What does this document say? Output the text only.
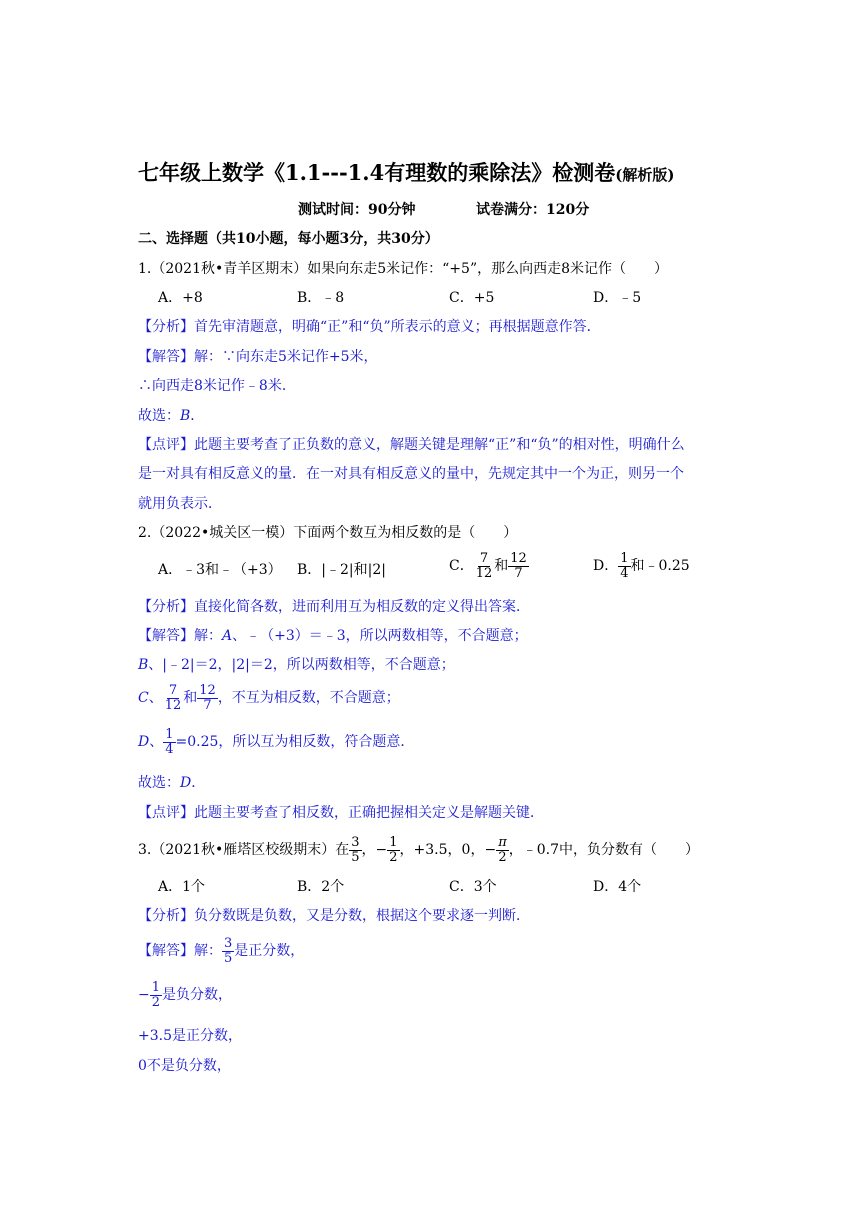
七年级上数学《1.1---1.4有理数的乘除法》检测卷(解析版)
测试时间：90分钟	试卷满分：120分
二、选择题（共10小题，每小题3分，共30分）
1.（2021秋•青羊区期末）如果向东走5米记作：“+5”，那么向西走8米记作（　　）
A．+8	B．﹣8	C．+5	D．﹣5
【分析】首先审清题意，明确“正”和“负”所表示的意义；再根据题意作答．
【解答】解：∵向东走5米记作+5米，
∴向西走8米记作﹣8米．
故选：B．
【点评】此题主要考查了正负数的意义，解题关键是理解“正”和“负”的相对性，明确什么
是一对具有相反意义的量．在一对具有相反意义的量中，先规定其中一个为正，则另一个
就用负表示．
2.（2022•城关区一模）下面两个数互为相反数的是（　　）
A．﹣3和﹣（+3） B．|﹣2|和|2|	C． $\frac{7}{12}$ 和 $\frac{12}{7}$	D． $\frac{1}{4}$ 和﹣0.25
【分析】直接化简各数，进而利用互为相反数的定义得出答案．
【解答】解：A、﹣（+3）＝﹣3，所以两数相等，不合题意；
B、|﹣2|＝2，|2|＝2，所以两数相等，不合题意；
C、 $\frac{7}{12}$ 和 $\frac{12}{7}$ ，不互为相反数，不合题意；
D、 $\frac{1}{4} =0.25$，所以互为相反数，符合题意．
故选：D．
【点评】此题主要考查了相反数，正确把握相关定义是解题关键．
3.（2021秋•雁塔区校级期末）在 $\frac{3}{5}$ ，− $\frac{1}{2}$ ，+3.5，0，− $\frac{\pi}{2}$ ，﹣0.7中，负分数有（　　）
A．1个	B．2个	C．3个	D．4个
【分析】负分数既是负数，又是分数，根据这个要求逐一判断．
【解答】解： $\frac{3}{5}$ 是正分数，
− $\frac{1}{2}$ 是负分数，
+3.5是正分数，
0不是负分数，
